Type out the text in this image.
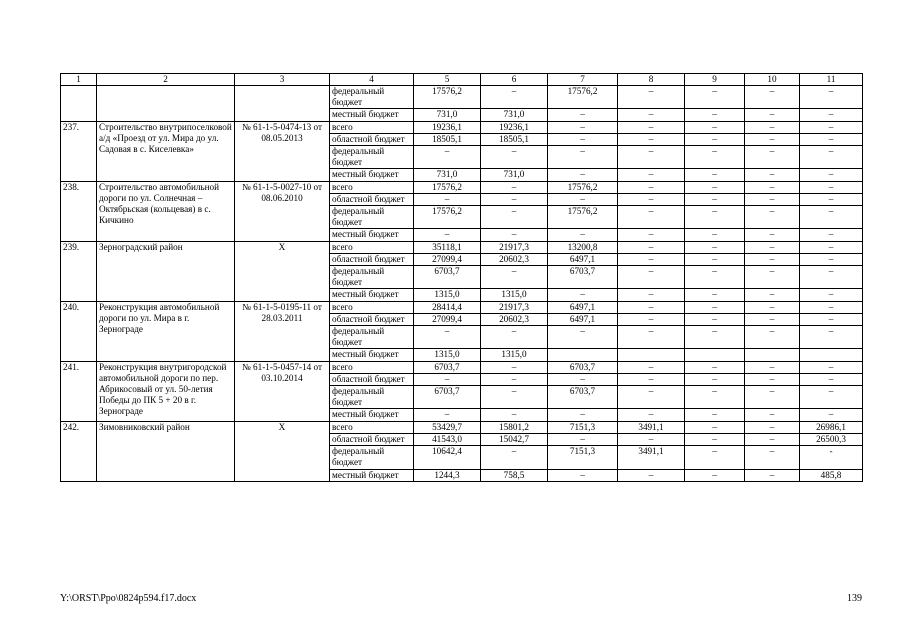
1	2	3	4	5	6	7	8	9	10	11
			федеральный бюджет	17576,2	–	17576,2	–	–	–	–
			местный бюджет	731,0	731,0	–	–	–	–	–
237.	Строительство внутрипоселковой а/д «Проезд от ул. Мира до ул. Садовая в с. Киселевка»	№ 61-1-5-0474-13 от 08.05.2013	всего	19236,1	19236,1	–	–	–	–	–
			областной бюджет	18505,1	18505,1	–	–	–	–	–
			федеральный бюджет	–	–	–	–	–	–	–
			местный бюджет	731,0	731,0	–	–	–	–	–
238.	Строительство автомобильной дороги по ул. Солнечная – Октябрьская (кольцевая) в с. Кичкино	№ 61-1-5-0027-10 от 08.06.2010	всего	17576,2	–	17576,2	–	–	–	–
			областной бюджет	–	–	–	–	–	–	–
			федеральный бюджет	17576,2	–	17576,2	–	–	–	–
			местный бюджет	–	–	–	–	–	–	–
239.	Зерноградский район	X	всего	35118,1	21917,3	13200,8	–	–	–	–
			областной бюджет	27099,4	20602,3	6497,1	–	–	–	–
			федеральный бюджет	6703,7	–	6703,7	–	–	–	–
			местный бюджет	1315,0	1315,0	–	–	–	–	–
240.	Реконструкция автомобильной дороги по ул. Мира в г. Зернограде	№ 61-1-5-0195-11 от 28.03.2011	всего	28414,4	21917,3	6497,1	–	–	–	–
			областной бюджет	27099,4	20602,3	6497,1	–	–	–	–
			федеральный бюджет	–	–	–	–	–	–	–
			местный бюджет	1315,0	1315,0					
241.	Реконструкция внутригородской автомобильной дороги по пер. Абрикосовый от ул. 50-летия Победы до ПК 5 + 20 в г. Зернограде	№ 61-1-5-0457-14 от 03.10.2014	всего	6703,7	–	6703,7	–	–	–	–
			областной бюджет	–	–	–	–	–	–	–
			федеральный бюджет	6703,7	–	6703,7	–	–	–	–
			местный бюджет	–	–	–	–	–	–	–
242.	Зимовниковский район	X	всего	53429,7	15801,2	7151,3	3491,1	–	–	26986,1
			областной бюджет	41543,0	15042,7	–	–	–	–	26500,3
			федеральный бюджет	10642,4	–	7151,3	3491,1	–	–	-
			местный бюджет	1244,3	758,5	–	–	–	–	485,8
Y:\ORST\Ppo\0824p594.f17.docx	139
